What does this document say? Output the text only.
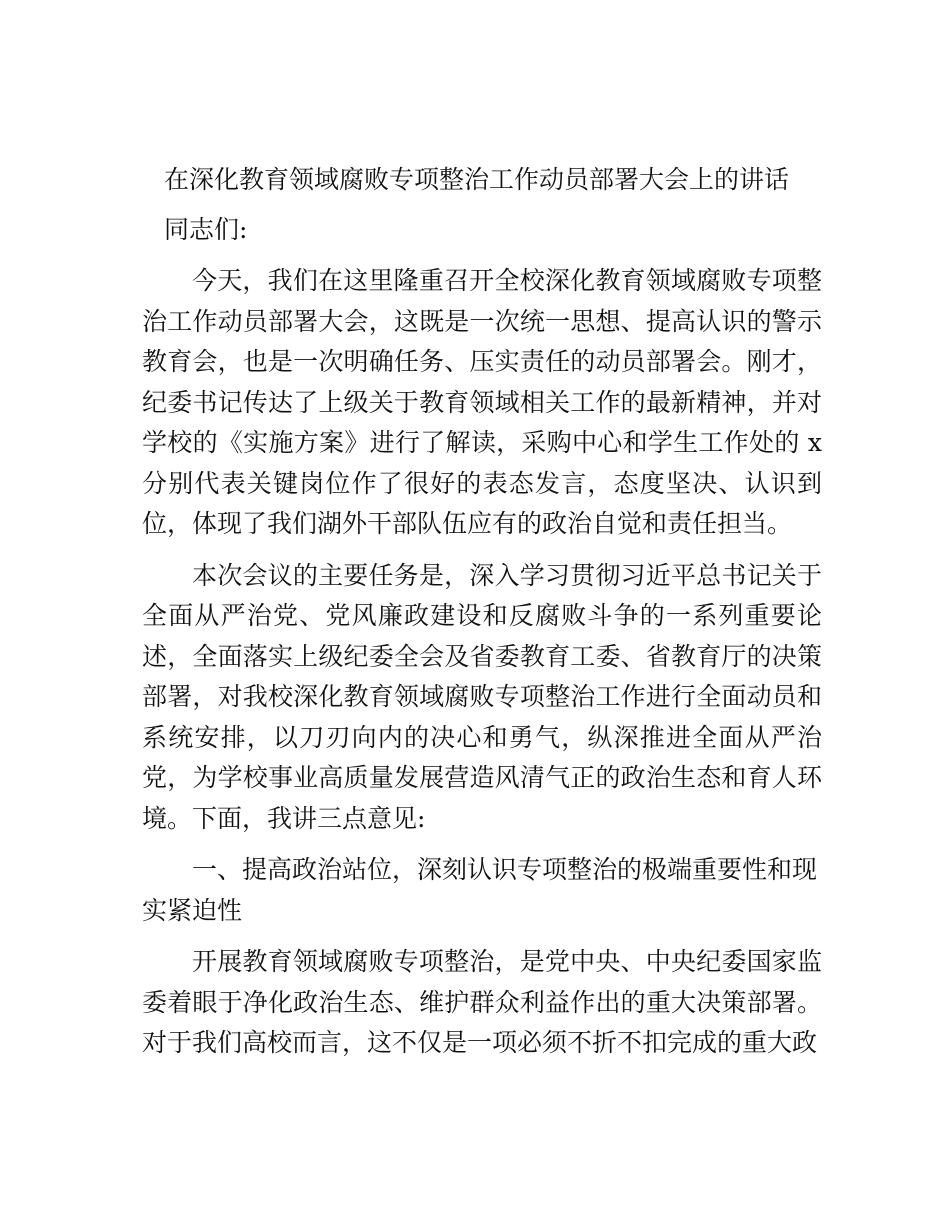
在深化教育领域腐败专项整治工作动员部署大会上的讲话

同志们:

今天，我们在这里隆重召开全校深化教育领域腐败专项整治工作动员部署大会，这既是一次统一思想、提高认识的警示教育会，也是一次明确任务、压实责任的动员部署会。刚才，纪委书记传达了上级关于教育领域相关工作的最新精神，并对学校的《实施方案》进行了解读，采购中心和学生工作处的 x 分别代表关键岗位作了很好的表态发言，态度坚决、认识到位，体现了我们湖外干部队伍应有的政治自觉和责任担当。

本次会议的主要任务是，深入学习贯彻习近平总书记关于全面从严治党、党风廉政建设和反腐败斗争的一系列重要论述，全面落实上级纪委全会及省委教育工委、省教育厅的决策部署，对我校深化教育领域腐败专项整治工作进行全面动员和系统安排，以刀刃向内的决心和勇气，纵深推进全面从严治党，为学校事业高质量发展营造风清气正的政治生态和育人环境。下面，我讲三点意见:

一、提高政治站位，深刻认识专项整治的极端重要性和现实紧迫性

开展教育领域腐败专项整治，是党中央、中央纪委国家监委着眼于净化政治生态、维护群众利益作出的重大决策部署。对于我们高校而言，这不仅是一项必须不折不扣完成的重大政
